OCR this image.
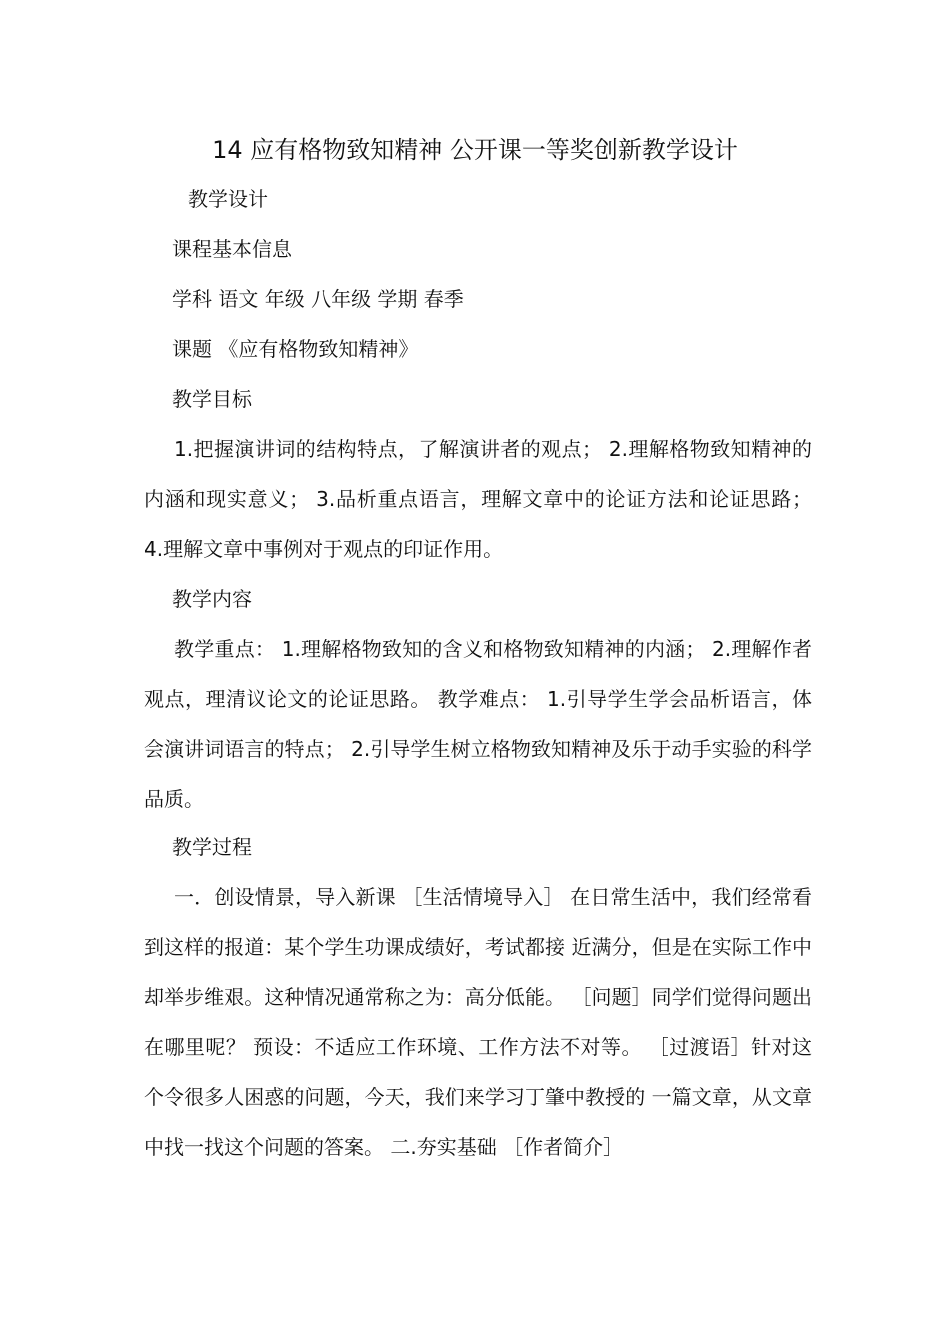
14 应有格物致知精神 公开课一等奖创新教学设计
教学设计
课程基本信息
学科 语文 年级 八年级 学期 春季
课题 《应有格物致知精神》
教学目标
1.把握演讲词的结构特点，了解演讲者的观点； 2.理解格物致知精神的内涵和现实意义； 3.品析重点语言，理解文章中的论证方法和论证思路； 4.理解文章中事例对于观点的印证作用。
教学内容
教学重点： 1.理解格物致知的含义和格物致知精神的内涵； 2.理解作者观点，理清议论文的论证思路。 教学难点： 1.引导学生学会品析语言，体会演讲词语言的特点； 2.引导学生树立格物致知精神及乐于动手实验的科学品质。
教学过程
一．创设情景，导入新课 ［生活情境导入］ 在日常生活中，我们经常看到这样的报道：某个学生功课成绩好，考试都接 近满分，但是在实际工作中却举步维艰。这种情况通常称之为：高分低能。 ［问题］同学们觉得问题出在哪里呢？ 预设：不适应工作环境、工作方法不对等。 ［过渡语］针对这个令很多人困惑的问题，今天，我们来学习丁肇中教授的 一篇文章，从文章中找一找这个问题的答案。 二.夯实基础 ［作者简介］
